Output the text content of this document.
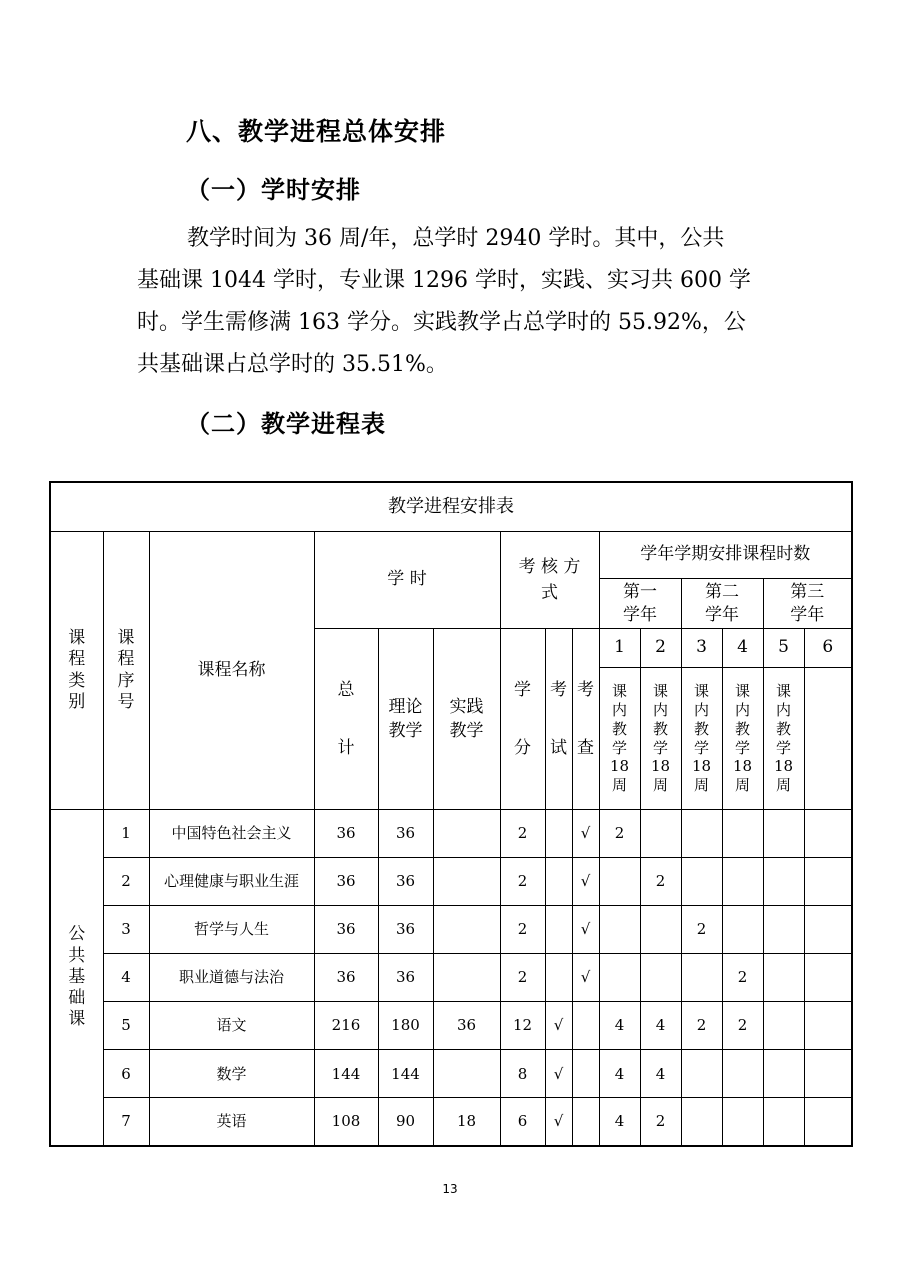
八、教学进程总体安排
（一）学时安排

教学时间为 36 周/年，总学时 2940 学时。其中，公共

基础课 1044 学时，专业课 1296 学时，实践、实习共 600 学

时。学生需修满 163 学分。实践教学占总学时的 55.92%，公

共基础课占总学时的 35.51%。

（二）教学进程表
教学进程安排表														

课程类别	课程序号	课程名称	学 时			考 核 方 式			学年学期安排课程时数					

									第一学年		第二学年		第三学年	

			总计	理论教学	实践教学	学分	考试	考查	1	2	3	4	5	6

									课内教学18周	课内教学18周	课内教学18周	课内教学18周	课内教学18周	

公共基础课	1	中国特色社会主义	36	36		2		√	2					
	2	心理健康与职业生涯	36	36		2		√		2				
	3	哲学与人生	36	36		2		√			2			
	4	职业道德与法治	36	36		2		√				2		
	5	语文	216	180	36	12	√		4	4	2	2		
	6	数学	144	144		8	√		4	4				
	7	英语	108	90	18	6	√		4	2				
13
